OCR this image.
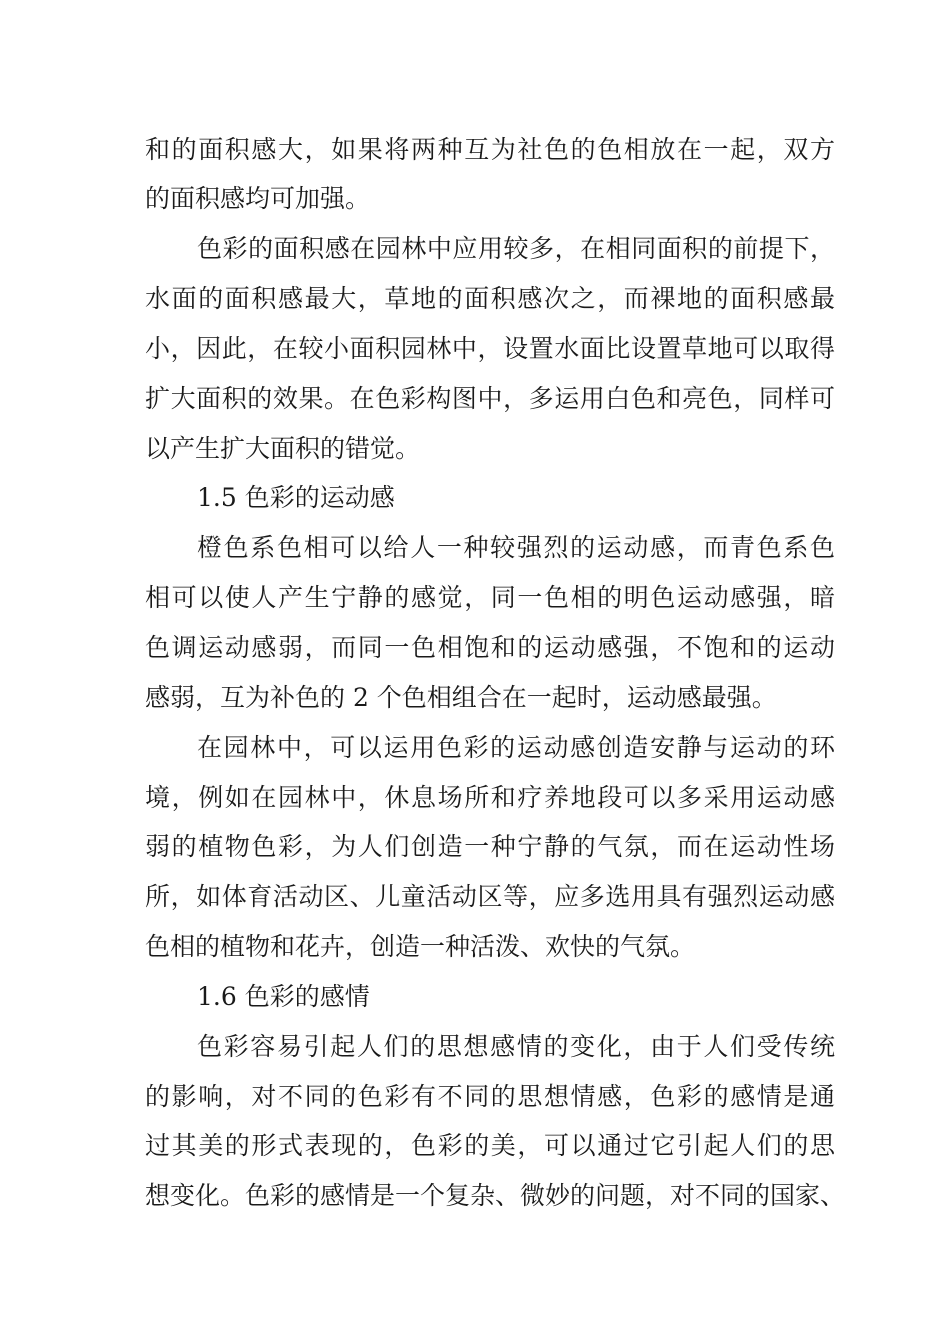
和的面积感大，如果将两种互为社色的色相放在一起，双方
的面积感均可加强。
色彩的面积感在园林中应用较多，在相同面积的前提下，
水面的面积感最大，草地的面积感次之，而裸地的面积感最
小，因此，在较小面积园林中，设置水面比设置草地可以取得
扩大面积的效果。在色彩构图中，多运用白色和亮色，同样可
以产生扩大面积的错觉。
1.5 色彩的运动感
橙色系色相可以给人一种较强烈的运动感，而青色系色
相可以使人产生宁静的感觉，同一色相的明色运动感强，暗
色调运动感弱，而同一色相饱和的运动感强，不饱和的运动
感弱，互为补色的 2 个色相组合在一起时，运动感最强。
在园林中，可以运用色彩的运动感创造安静与运动的环
境，例如在园林中，休息场所和疗养地段可以多采用运动感
弱的植物色彩，为人们创造一种宁静的气氛，而在运动性场
所，如体育活动区、儿童活动区等，应多选用具有强烈运动感
色相的植物和花卉，创造一种活泼、欢快的气氛。
1.6 色彩的感情
色彩容易引起人们的思想感情的变化，由于人们受传统
的影响，对不同的色彩有不同的思想情感，色彩的感情是通
过其美的形式表现的，色彩的美，可以通过它引起人们的思
想变化。色彩的感情是一个复杂、微妙的问题，对不同的国家、
